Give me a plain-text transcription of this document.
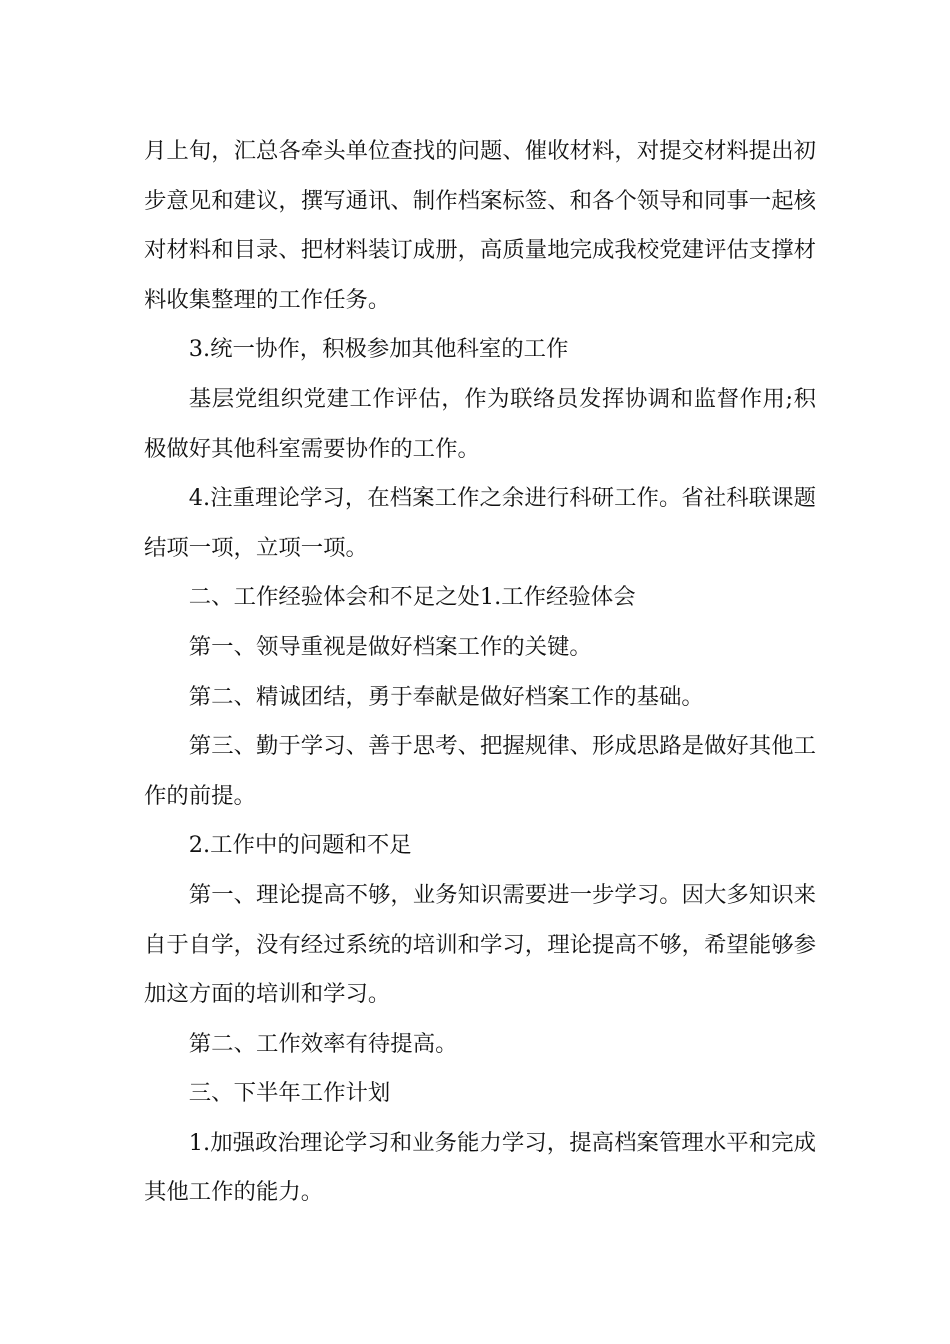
月上旬，汇总各牵头单位查找的问题、催收材料，对提交材料提出初步意见和建议，撰写通讯、制作档案标签、和各个领导和同事一起核对材料和目录、把材料装订成册，高质量地完成我校党建评估支撑材料收集整理的工作任务。

3.统一协作，积极参加其他科室的工作

基层党组织党建工作评估，作为联络员发挥协调和监督作用;积极做好其他科室需要协作的工作。

4.注重理论学习，在档案工作之余进行科研工作。省社科联课题结项一项，立项一项。

二、工作经验体会和不足之处1.工作经验体会

第一、领导重视是做好档案工作的关键。

第二、精诚团结，勇于奉献是做好档案工作的基础。

第三、勤于学习、善于思考、把握规律、形成思路是做好其他工作的前提。

2.工作中的问题和不足

第一、理论提高不够，业务知识需要进一步学习。因大多知识来自于自学，没有经过系统的培训和学习，理论提高不够，希望能够参加这方面的培训和学习。

第二、工作效率有待提高。

三、下半年工作计划

1.加强政治理论学习和业务能力学习，提高档案管理水平和完成其他工作的能力。
